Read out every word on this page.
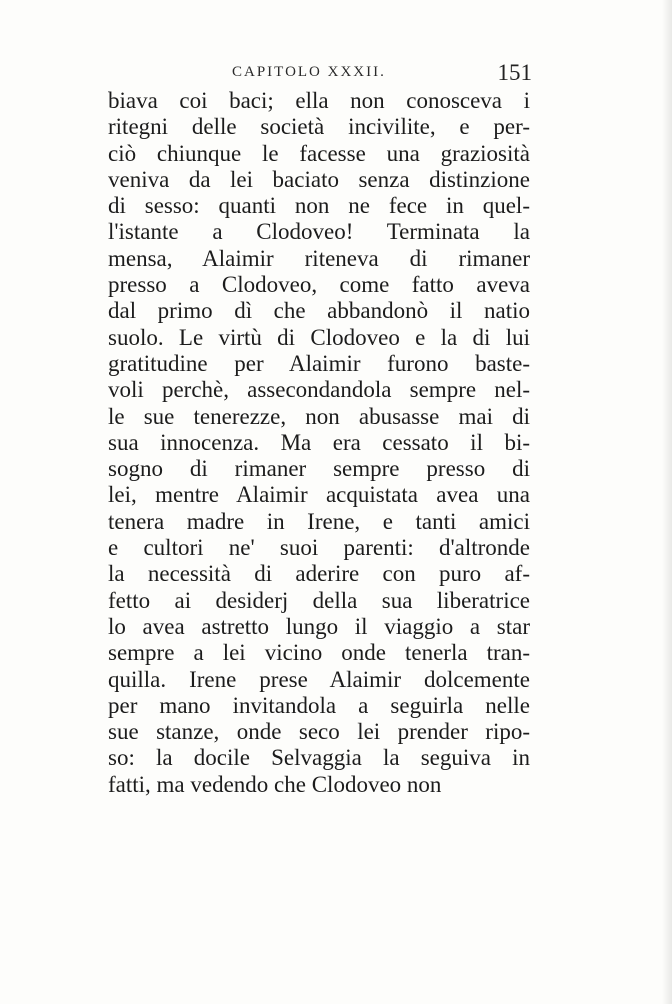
CAPITOLO XXXII.	151
biava coi baci; ella non conosceva i
ritegni delle società incivilite, e per-
ciò chiunque le facesse una graziosità
veniva da lei baciato senza distinzione
di sesso: quanti non ne fece in quel-
l'istante a Clodoveo! Terminata la
mensa, Alaimir riteneva di rimaner
presso a Clodoveo, come fatto aveva
dal primo dì che abbandonò il natio
suolo. Le virtù di Clodoveo e la di lui
gratitudine per Alaimir furono baste-
voli perchè, assecondandola sempre nel-
le sue tenerezze, non abusasse mai di
sua innocenza. Ma era cessato il bi-
sogno di rimaner sempre presso di
lei, mentre Alaimir acquistata avea una
tenera madre in Irene, e tanti amici
e cultori ne' suoi parenti: d'altronde
la necessità di aderire con puro af-
fetto ai desiderj della sua liberatrice
lo avea astretto lungo il viaggio a star
sempre a lei vicino onde tenerla tran-
quilla. Irene prese Alaimir dolcemente
per mano invitandola a seguirla nelle
sue stanze, onde seco lei prender ripo-
so: la docile Selvaggia la seguiva in
fatti, ma vedendo che Clodoveo non
